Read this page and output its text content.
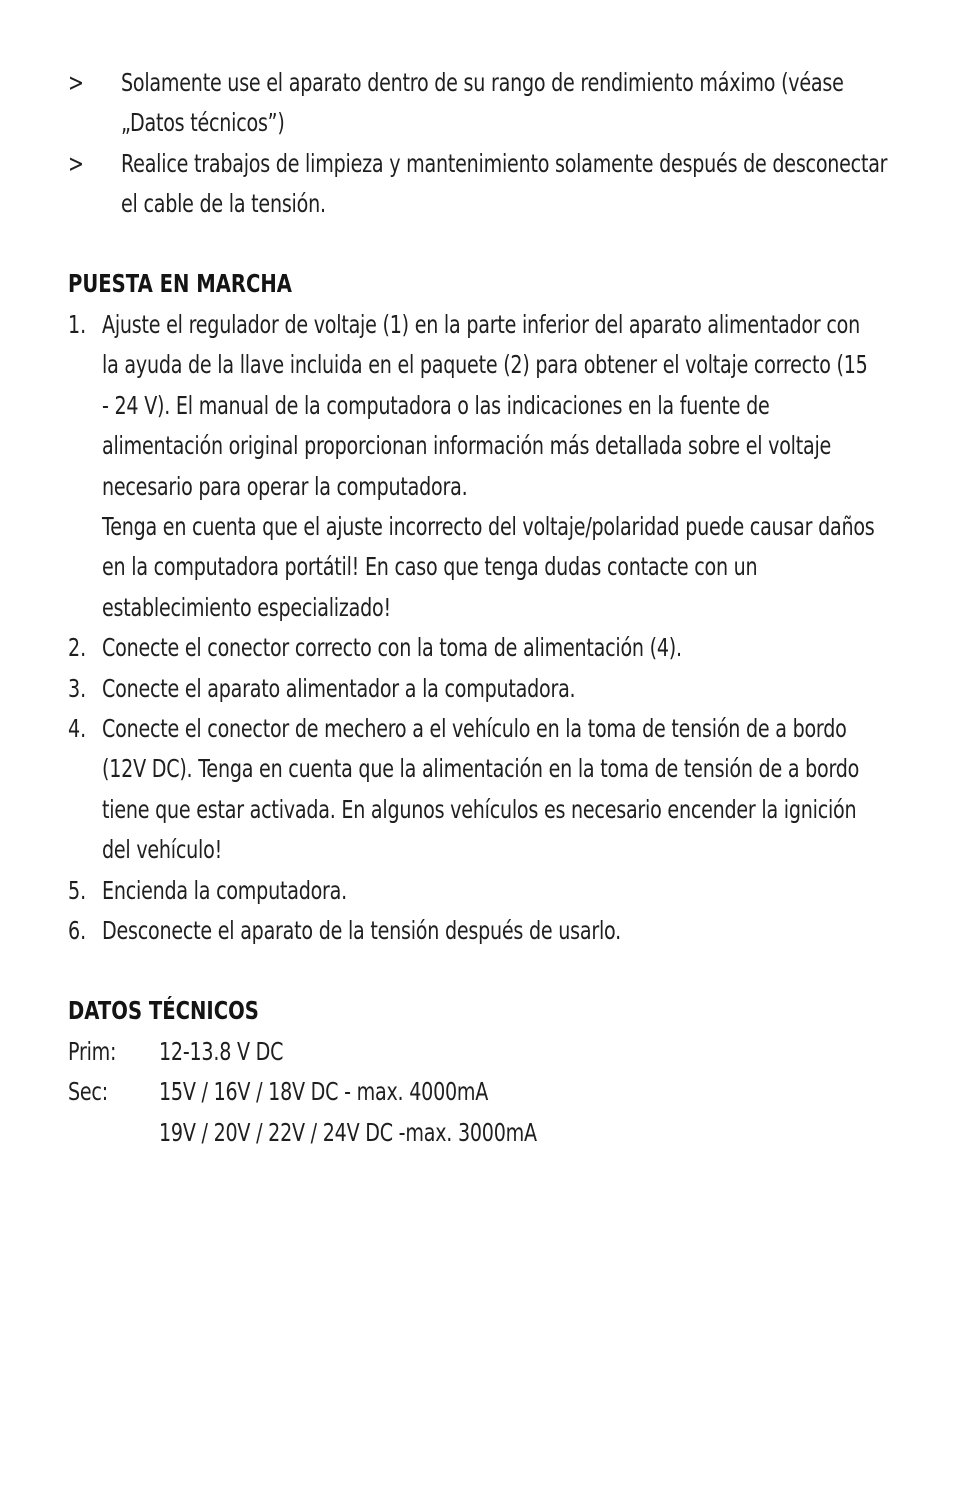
> Solamente use el aparato dentro de su rango de rendimiento máximo (véase
„Datos técnicos”)
> Realice trabajos de limpieza y mantenimiento solamente después de desconectar
el cable de la tensión.
PUESTA EN MARCHA
1. Ajuste el regulador de voltaje (1) en la parte inferior del aparato alimentador con
la ayuda de la llave incluida en el paquete (2) para obtener el voltaje correcto (15
- 24 V). El manual de la computadora o las indicaciones en la fuente de
alimentación original proporcionan información más detallada sobre el voltaje
necesario para operar la computadora.
Tenga en cuenta que el ajuste incorrecto del voltaje/polaridad puede causar daños
en la computadora portátil! En caso que tenga dudas contacte con un
establecimiento especializado!
2. Conecte el conector correcto con la toma de alimentación (4).
3. Conecte el aparato alimentador a la computadora.
4. Conecte el conector de mechero a el vehículo en la toma de tensión de a bordo
(12V DC). Tenga en cuenta que la alimentación en la toma de tensión de a bordo
tiene que estar activada. En algunos vehículos es necesario encender la ignición
del vehículo!
5. Encienda la computadora.
6. Desconecte el aparato de la tensión después de usarlo.
DATOS TÉCNICOS
Prim: 12-13.8 V DC
Sec: 15V / 16V / 18V DC - max. 4000mA
19V / 20V / 22V / 24V DC -max. 3000mA
